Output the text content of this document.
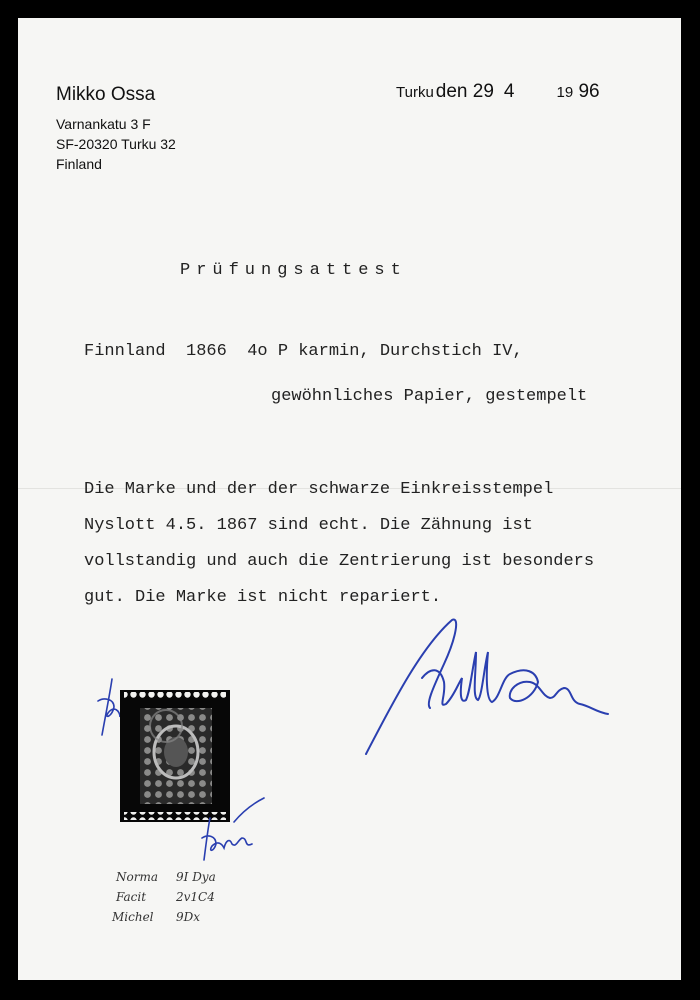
Mikko Ossa
Varnankatu 3 F
SF-20320 Turku 32
Finland
Turku den 29 4	19 96
Prüfungsattest
Finnland  1866  4o P karmin, Durchstich IV,
gewöhnliches Papier, gestempelt
Die Marke und der der schwarze Einkreisstempel
Nyslott 4.5. 1867 sind echt. Die Zähnung ist
vollstandig und auch die Zentrierung ist besonders
gut. Die Marke ist nicht repariert.
Norma 9I Dya
Facit 2v1C4
Michel 9Dx
